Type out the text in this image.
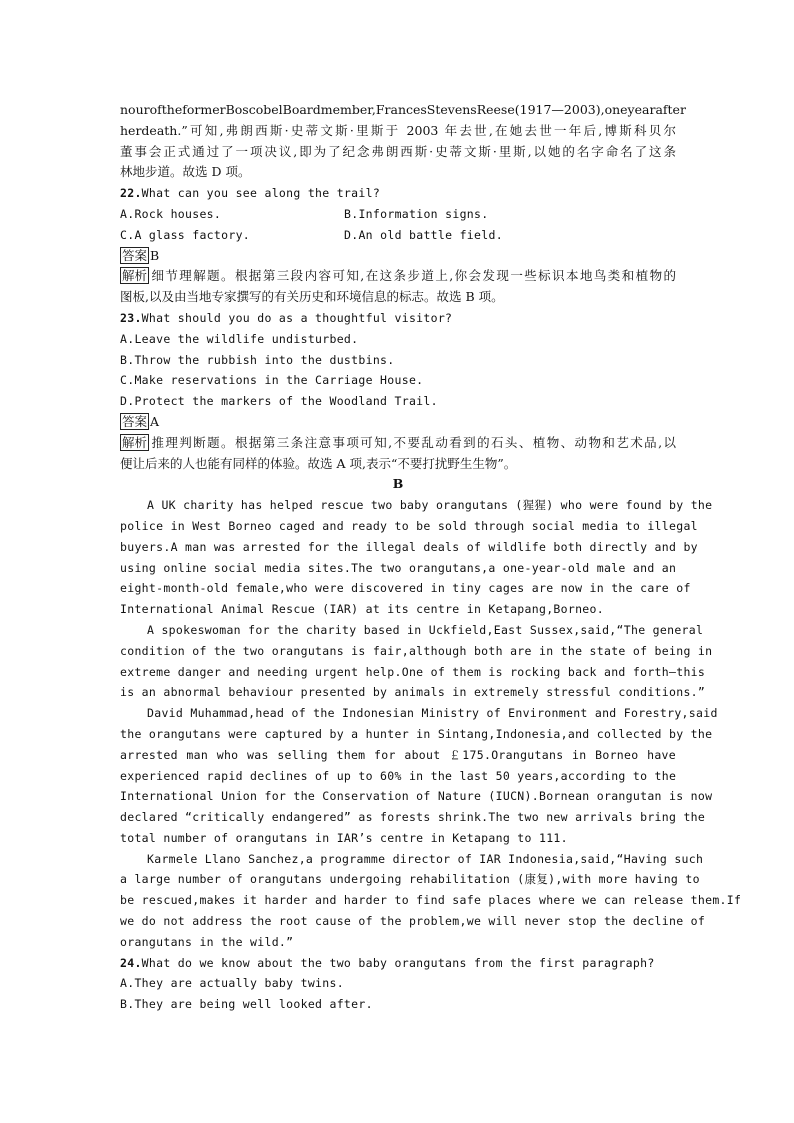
nouroftheformerBoscobelBoardmember,FrancesStevensReese(1917—2003),oneyearafter
herdeath.”可知,弗朗西斯·史蒂文斯·里斯于 2003 年去世,在她去世一年后,博斯科贝尔
董事会正式通过了一项决议,即为了纪念弗朗西斯·史蒂文斯·里斯,以她的名字命名了这条
林地步道。故选 D 项。
22.What can you see along the trail?
A.Rock houses.	B.Information signs.
C.A glass factory.	D.An old battle field.
答案 B
解析 细节理解题。根据第三段内容可知,在这条步道上,你会发现一些标识本地鸟类和植物的
图板,以及由当地专家撰写的有关历史和环境信息的标志。故选 B 项。
23.What should you do as a thoughtful visitor?
A.Leave the wildlife undisturbed.
B.Throw the rubbish into the dustbins.
C.Make reservations in the Carriage House.
D.Protect the markers of the Woodland Trail.
答案 A
解析 推理判断题。根据第三条注意事项可知,不要乱动看到的石头、植物、动物和艺术品,以
便让后来的人也能有同样的体验。故选 A 项,表示“不要打扰野生生物”。
B
A UK charity has helped rescue two baby orangutans (猩猩) who were found by the
police in West Borneo caged and ready to be sold through social media to illegal
buyers.A man was arrested for the illegal deals of wildlife both directly and by
using online social media sites.The two orangutans,a one-year-old male and an
eight-month-old female,who were discovered in tiny cages are now in the care of
International Animal Rescue (IAR) at its centre in Ketapang,Borneo.
A spokeswoman for the charity based in Uckfield,East Sussex,said,“The general
condition of the two orangutans is fair,although both are in the state of being in
extreme danger and needing urgent help.One of them is rocking back and forth—this
is an abnormal behaviour presented by animals in extremely stressful conditions.”
David Muhammad,head of the Indonesian Ministry of Environment and Forestry,said
the orangutans were captured by a hunter in Sintang,Indonesia,and collected by the
arrested man who was selling them for about ￡175.Orangutans in Borneo have
experienced rapid declines of up to 60% in the last 50 years,according to the
International Union for the Conservation of Nature (IUCN).Bornean orangutan is now
declared “critically endangered” as forests shrink.The two new arrivals bring the
total number of orangutans in IAR’s centre in Ketapang to 111.
Karmele Llano Sanchez,a programme director of IAR Indonesia,said,“Having such
a large number of orangutans undergoing rehabilitation (康复),with more having to
be rescued,makes it harder and harder to find safe places where we can release them.If
we do not address the root cause of the problem,we will never stop the decline of
orangutans in the wild.”
24.What do we know about the two baby orangutans from the first paragraph?
A.They are actually baby twins.
B.They are being well looked after.
